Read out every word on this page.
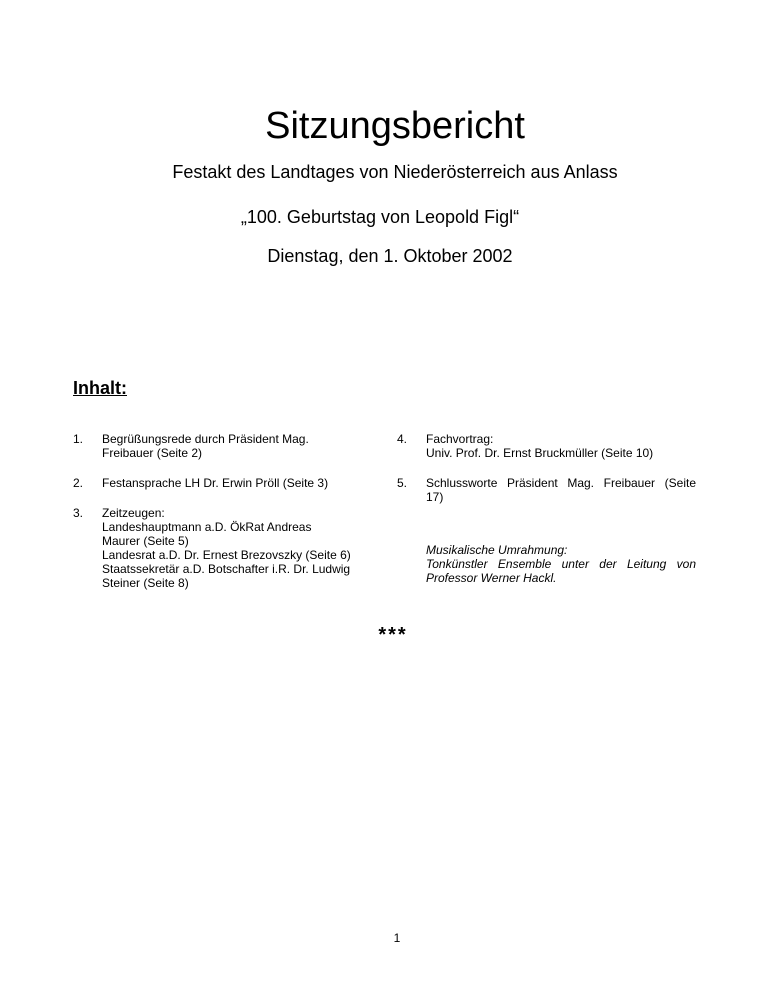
Sitzungsbericht
Festakt des Landtages von Niederösterreich aus Anlass
„100. Geburtstag von Leopold Figl“
Dienstag, den 1. Oktober 2002
Inhalt:
1. Begrüßungsrede durch Präsident Mag.
Freibauer (Seite 2)
2. Festansprache LH Dr. Erwin Pröll (Seite 3)
3. Zeitzeugen:
Landeshauptmann a.D. ÖkRat Andreas
Maurer (Seite 5)
Landesrat a.D. Dr. Ernest Brezovszky (Seite 6)
Staatssekretär a.D. Botschafter i.R. Dr. Ludwig
Steiner (Seite 8)
4. Fachvortrag:
Univ. Prof. Dr. Ernst Bruckmüller (Seite 10)
5. Schlussworte Präsident Mag. Freibauer (Seite
17)
Musikalische Umrahmung:
Tonkünstler Ensemble unter der Leitung von
Professor Werner Hackl.
***
1
